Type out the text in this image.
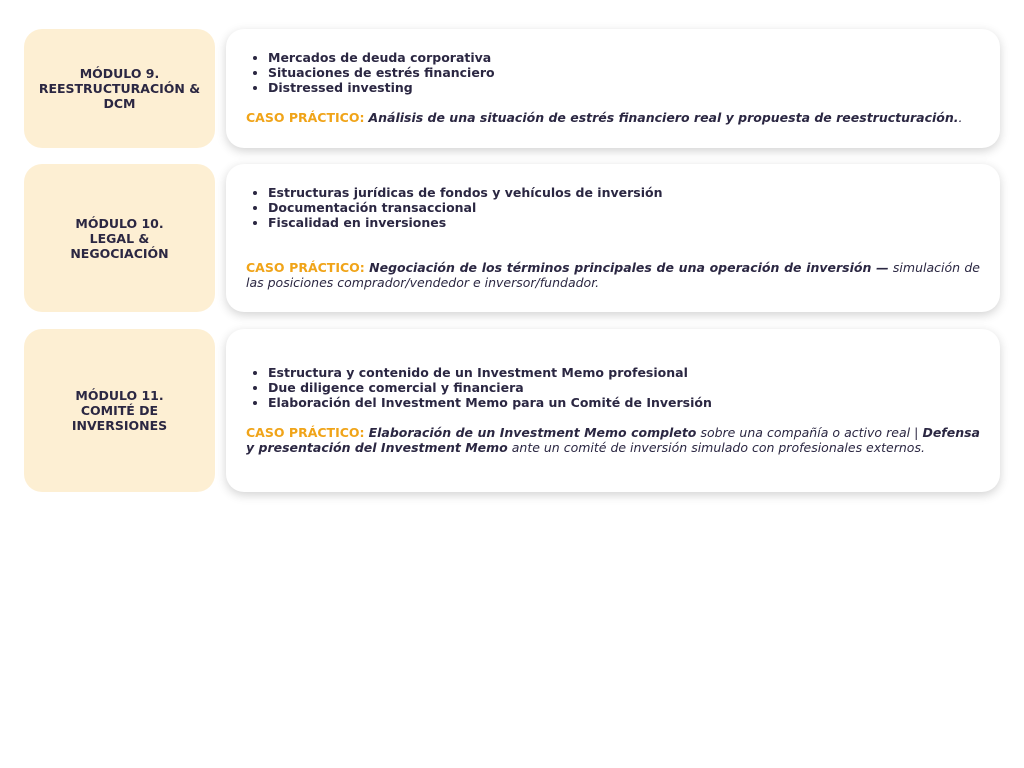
MÓDULO 9.
REESTRUCTURACIÓN &
DCM
• Mercados de deuda corporativa
• Situaciones de estrés financiero
• Distressed investing
CASO PRÁCTICO: Análisis de una situación de estrés financiero real y propuesta de reestructuración..
MÓDULO 10.
LEGAL &
NEGOCIACIÓN
• Estructuras jurídicas de fondos y vehículos de inversión
• Documentación transaccional
• Fiscalidad en inversiones
CASO PRÁCTICO: Negociación de los términos principales de una operación de inversión — simulación de las posiciones comprador/vendedor e inversor/fundador.
MÓDULO 11.
COMITÉ DE
INVERSIONES
• Estructura y contenido de un Investment Memo profesional
• Due diligence comercial y financiera
• Elaboración del Investment Memo para un Comité de Inversión
CASO PRÁCTICO: Elaboración de un Investment Memo completo sobre una compañía o activo real | Defensa y presentación del Investment Memo ante un comité de inversión simulado con profesionales externos.
